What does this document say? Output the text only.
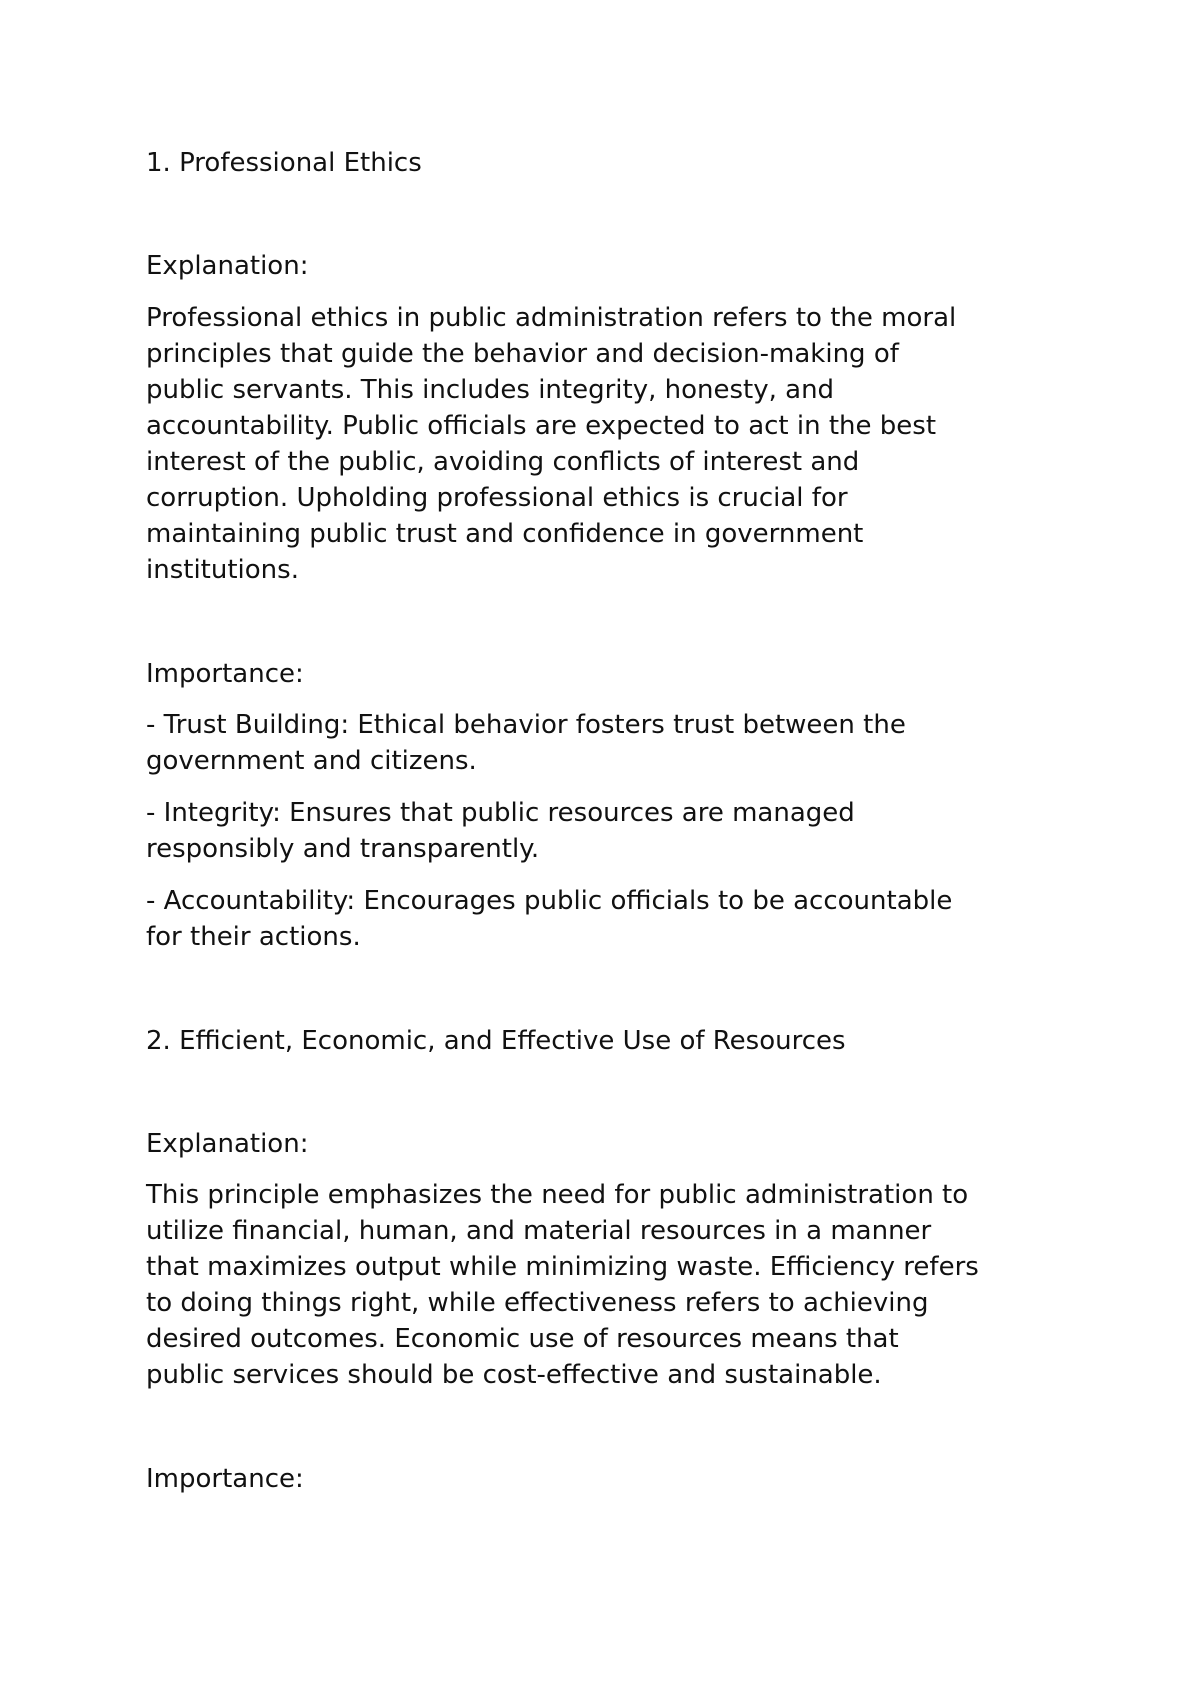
1. Professional Ethics

Explanation:

Professional ethics in public administration refers to the moral

principles that guide the behavior and decision-making of

public servants. This includes integrity, honesty, and

accountability. Public officials are expected to act in the best

interest of the public, avoiding conflicts of interest and

corruption. Upholding professional ethics is crucial for

maintaining public trust and confidence in government

institutions.

Importance:

- Trust Building: Ethical behavior fosters trust between the

government and citizens.

- Integrity: Ensures that public resources are managed

responsibly and transparently.

- Accountability: Encourages public officials to be accountable

for their actions.

2. Efficient, Economic, and Effective Use of Resources

Explanation:

This principle emphasizes the need for public administration to

utilize financial, human, and material resources in a manner

that maximizes output while minimizing waste. Efficiency refers

to doing things right, while effectiveness refers to achieving

desired outcomes. Economic use of resources means that

public services should be cost-effective and sustainable.

Importance:
